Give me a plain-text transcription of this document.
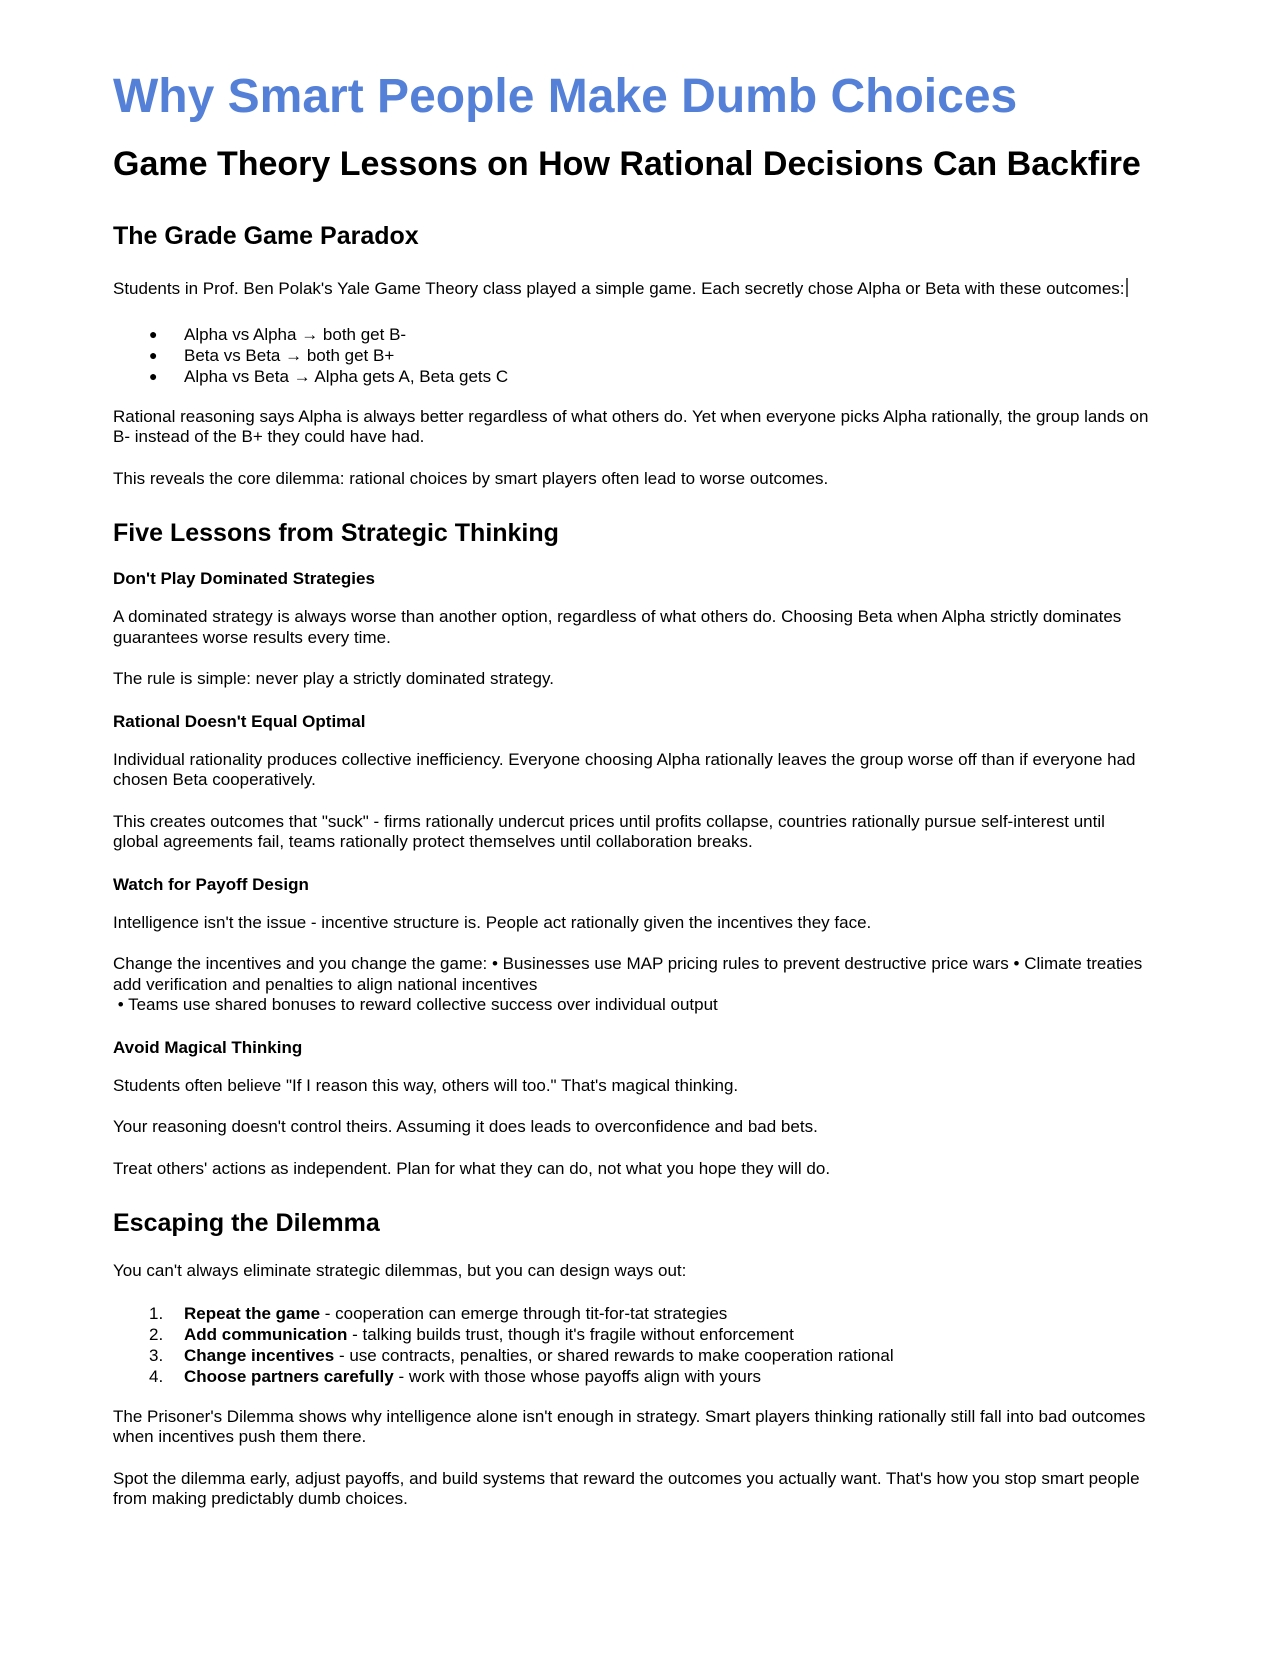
Why Smart People Make Dumb Choices
Game Theory Lessons on How Rational Decisions Can Backfire
The Grade Game Paradox

Students in Prof. Ben Polak's Yale Game Theory class played a simple game. Each secretly chose Alpha or Beta with these outcomes:

● Alpha vs Alpha → both get B-
● Beta vs Beta → both get B+
● Alpha vs Beta → Alpha gets A, Beta gets C

Rational reasoning says Alpha is always better regardless of what others do. Yet when everyone picks Alpha rationally, the group lands on B- instead of the B+ they could have had.

This reveals the core dilemma: rational choices by smart players often lead to worse outcomes.

Five Lessons from Strategic Thinking
Don't Play Dominated Strategies

A dominated strategy is always worse than another option, regardless of what others do. Choosing Beta when Alpha strictly dominates guarantees worse results every time.

The rule is simple: never play a strictly dominated strategy.

Rational Doesn't Equal Optimal

Individual rationality produces collective inefficiency. Everyone choosing Alpha rationally leaves the group worse off than if everyone had chosen Beta cooperatively.

This creates outcomes that "suck" - firms rationally undercut prices until profits collapse, countries rationally pursue self-interest until global agreements fail, teams rationally protect themselves until collaboration breaks.

Watch for Payoff Design

Intelligence isn't the issue - incentive structure is. People act rationally given the incentives they face.

Change the incentives and you change the game: • Businesses use MAP pricing rules to prevent destructive price wars • Climate treaties add verification and penalties to align national incentives

• Teams use shared bonuses to reward collective success over individual output

Avoid Magical Thinking

Students often believe "If I reason this way, others will too." That's magical thinking.

Your reasoning doesn't control theirs. Assuming it does leads to overconfidence and bad bets.

Treat others' actions as independent. Plan for what they can do, not what you hope they will do.

Escaping the Dilemma

You can't always eliminate strategic dilemmas, but you can design ways out:

1. Repeat the game - cooperation can emerge through tit-for-tat strategies
2. Add communication - talking builds trust, though it's fragile without enforcement
3. Change incentives - use contracts, penalties, or shared rewards to make cooperation rational
4. Choose partners carefully - work with those whose payoffs align with yours

The Prisoner's Dilemma shows why intelligence alone isn't enough in strategy. Smart players thinking rationally still fall into bad outcomes when incentives push them there.

Spot the dilemma early, adjust payoffs, and build systems that reward the outcomes you actually want. That's how you stop smart people from making predictably dumb choices.
